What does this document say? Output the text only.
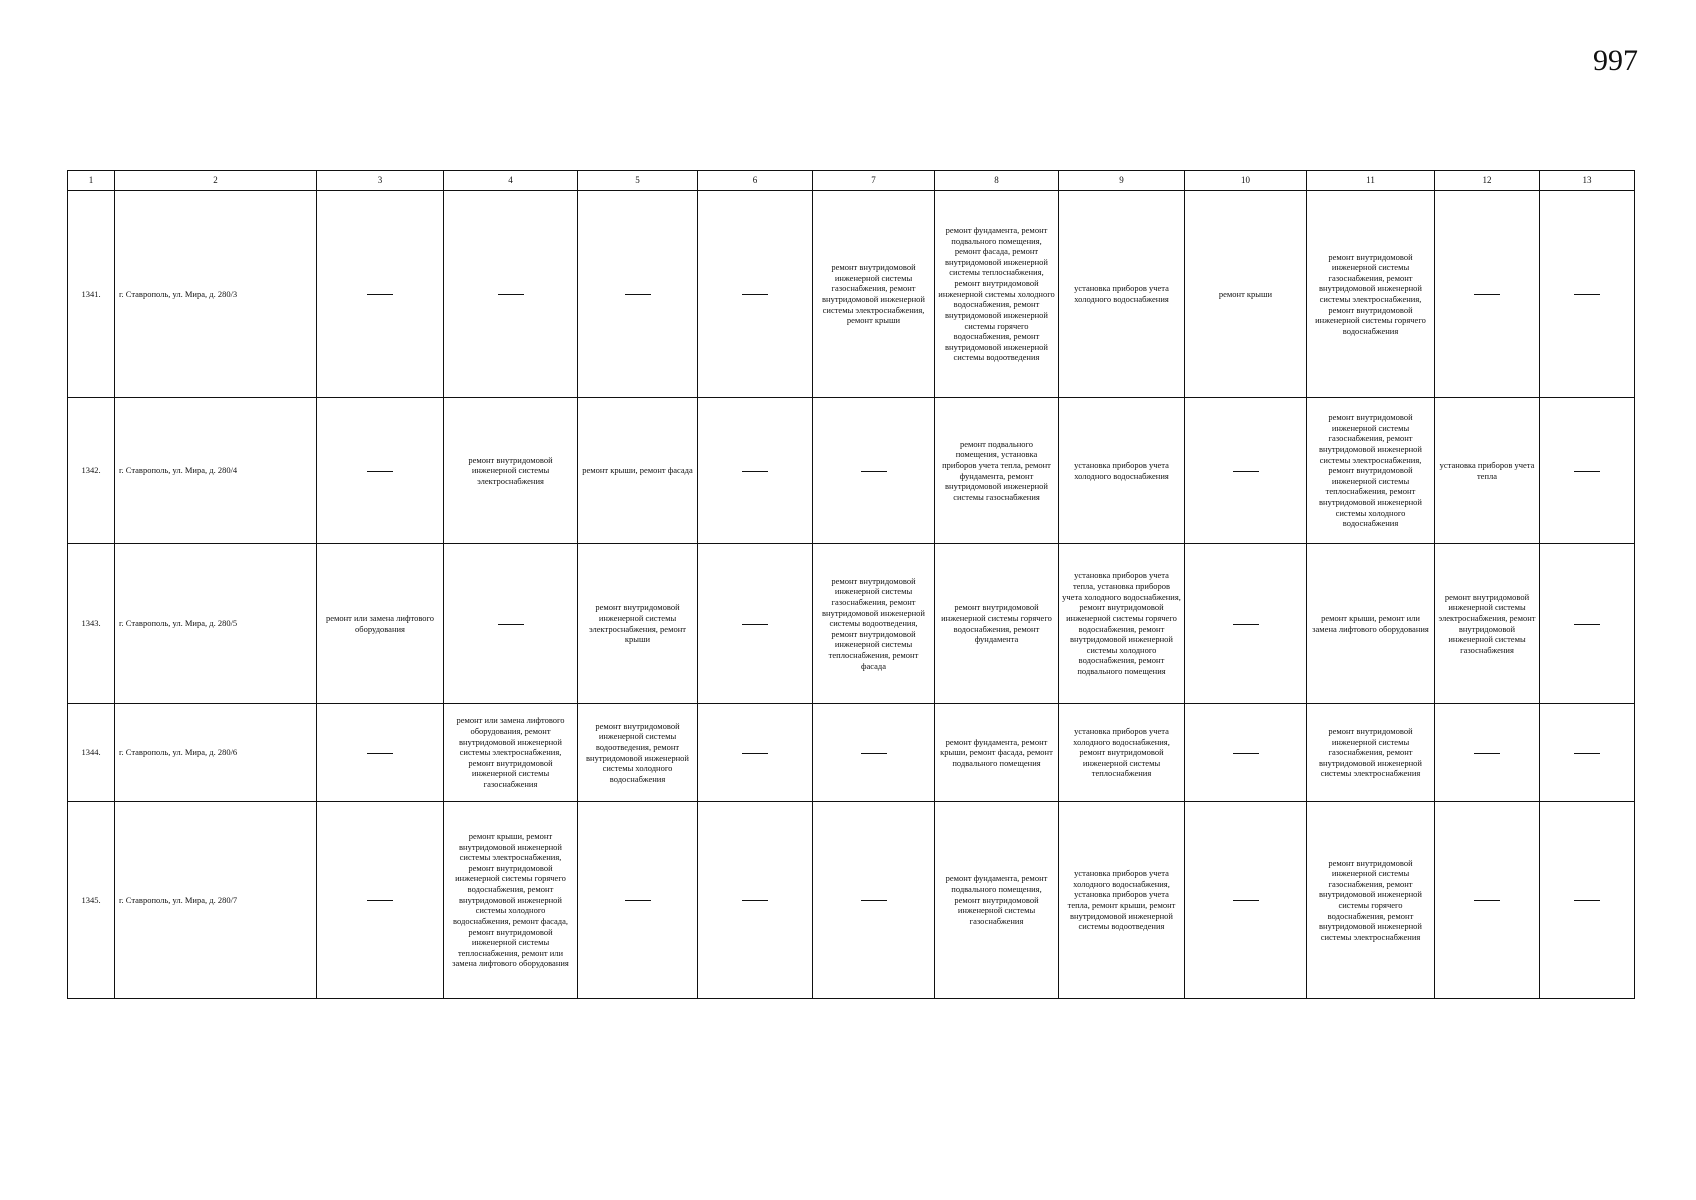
997
1	2	3	4	5	6	7	8	9	10	11	12	13
1341.	г. Ставрополь, ул. Мира, д. 280/3					ремонт внутридомовой инженерной системы газоснабжения, ремонт внутридомовой инженерной системы электроснабжения, ремонт крыши	ремонт фундамента, ремонт подвального помещения, ремонт фасада, ремонт внутридомовой инженерной системы теплоснабжения, ремонт внутридомовой инженерной системы холодного водоснабжения, ремонт внутридомовой инженерной системы горячего водоснабжения, ремонт внутридомовой инженерной системы водоотведения	установка приборов учета холодного водоснабжения	ремонт крыши	ремонт внутридомовой инженерной системы газоснабжения, ремонт внутридомовой инженерной системы электроснабжения, ремонт внутридомовой инженерной системы горячего водоснабжения		
1342.	г. Ставрополь, ул. Мира, д. 280/4		ремонт внутридомовой инженерной системы электроснабжения	ремонт крыши, ремонт фасада			ремонт подвального помещения, установка приборов учета тепла, ремонт фундамента, ремонт внутридомовой инженерной системы газоснабжения	установка приборов учета холодного водоснабжения		ремонт внутридомовой инженерной системы газоснабжения, ремонт внутридомовой инженерной системы электроснабжения, ремонт внутридомовой инженерной системы теплоснабжения, ремонт внутридомовой инженерной системы холодного водоснабжения	установка приборов учета тепла	
1343.	г. Ставрополь, ул. Мира, д. 280/5	ремонт или замена лифтового оборудования		ремонт внутридомовой инженерной системы электроснабжения, ремонт крыши		ремонт внутридомовой инженерной системы газоснабжения, ремонт внутридомовой инженерной системы водоотведения, ремонт внутридомовой инженерной системы теплоснабжения, ремонт фасада	ремонт внутридомовой инженерной системы горячего водоснабжения, ремонт фундамента	установка приборов учета тепла, установка приборов учета холодного водоснабжения, ремонт внутридомовой инженерной системы горячего водоснабжения, ремонт внутридомовой инженерной системы холодного водоснабжения, ремонт подвального помещения		ремонт крыши, ремонт или замена лифтового оборудования	ремонт внутридомовой инженерной системы электроснабжения, ремонт внутридомовой инженерной системы газоснабжения	
1344.	г. Ставрополь, ул. Мира, д. 280/6		ремонт или замена лифтового оборудования, ремонт внутридомовой инженерной системы электроснабжения, ремонт внутридомовой инженерной системы газоснабжения	ремонт внутридомовой инженерной системы водоотведения, ремонт внутридомовой инженерной системы холодного водоснабжения			ремонт фундамента, ремонт крыши, ремонт фасада, ремонт подвального помещения	установка приборов учета холодного водоснабжения, ремонт внутридомовой инженерной системы теплоснабжения		ремонт внутридомовой инженерной системы газоснабжения, ремонт внутридомовой инженерной системы электроснабжения		
1345.	г. Ставрополь, ул. Мира, д. 280/7		ремонт крыши, ремонт внутридомовой инженерной системы электроснабжения, ремонт внутридомовой инженерной системы горячего водоснабжения, ремонт внутридомовой инженерной системы холодного водоснабжения, ремонт фасада, ремонт внутридомовой инженерной системы теплоснабжения, ремонт или замена лифтового оборудования				ремонт фундамента, ремонт подвального помещения, ремонт внутридомовой инженерной системы газоснабжения	установка приборов учета холодного водоснабжения, установка приборов учета тепла, ремонт крыши, ремонт внутридомовой инженерной системы водоотведения		ремонт внутридомовой инженерной системы газоснабжения, ремонт внутридомовой инженерной системы горячего водоснабжения, ремонт внутридомовой инженерной системы электроснабжения		
